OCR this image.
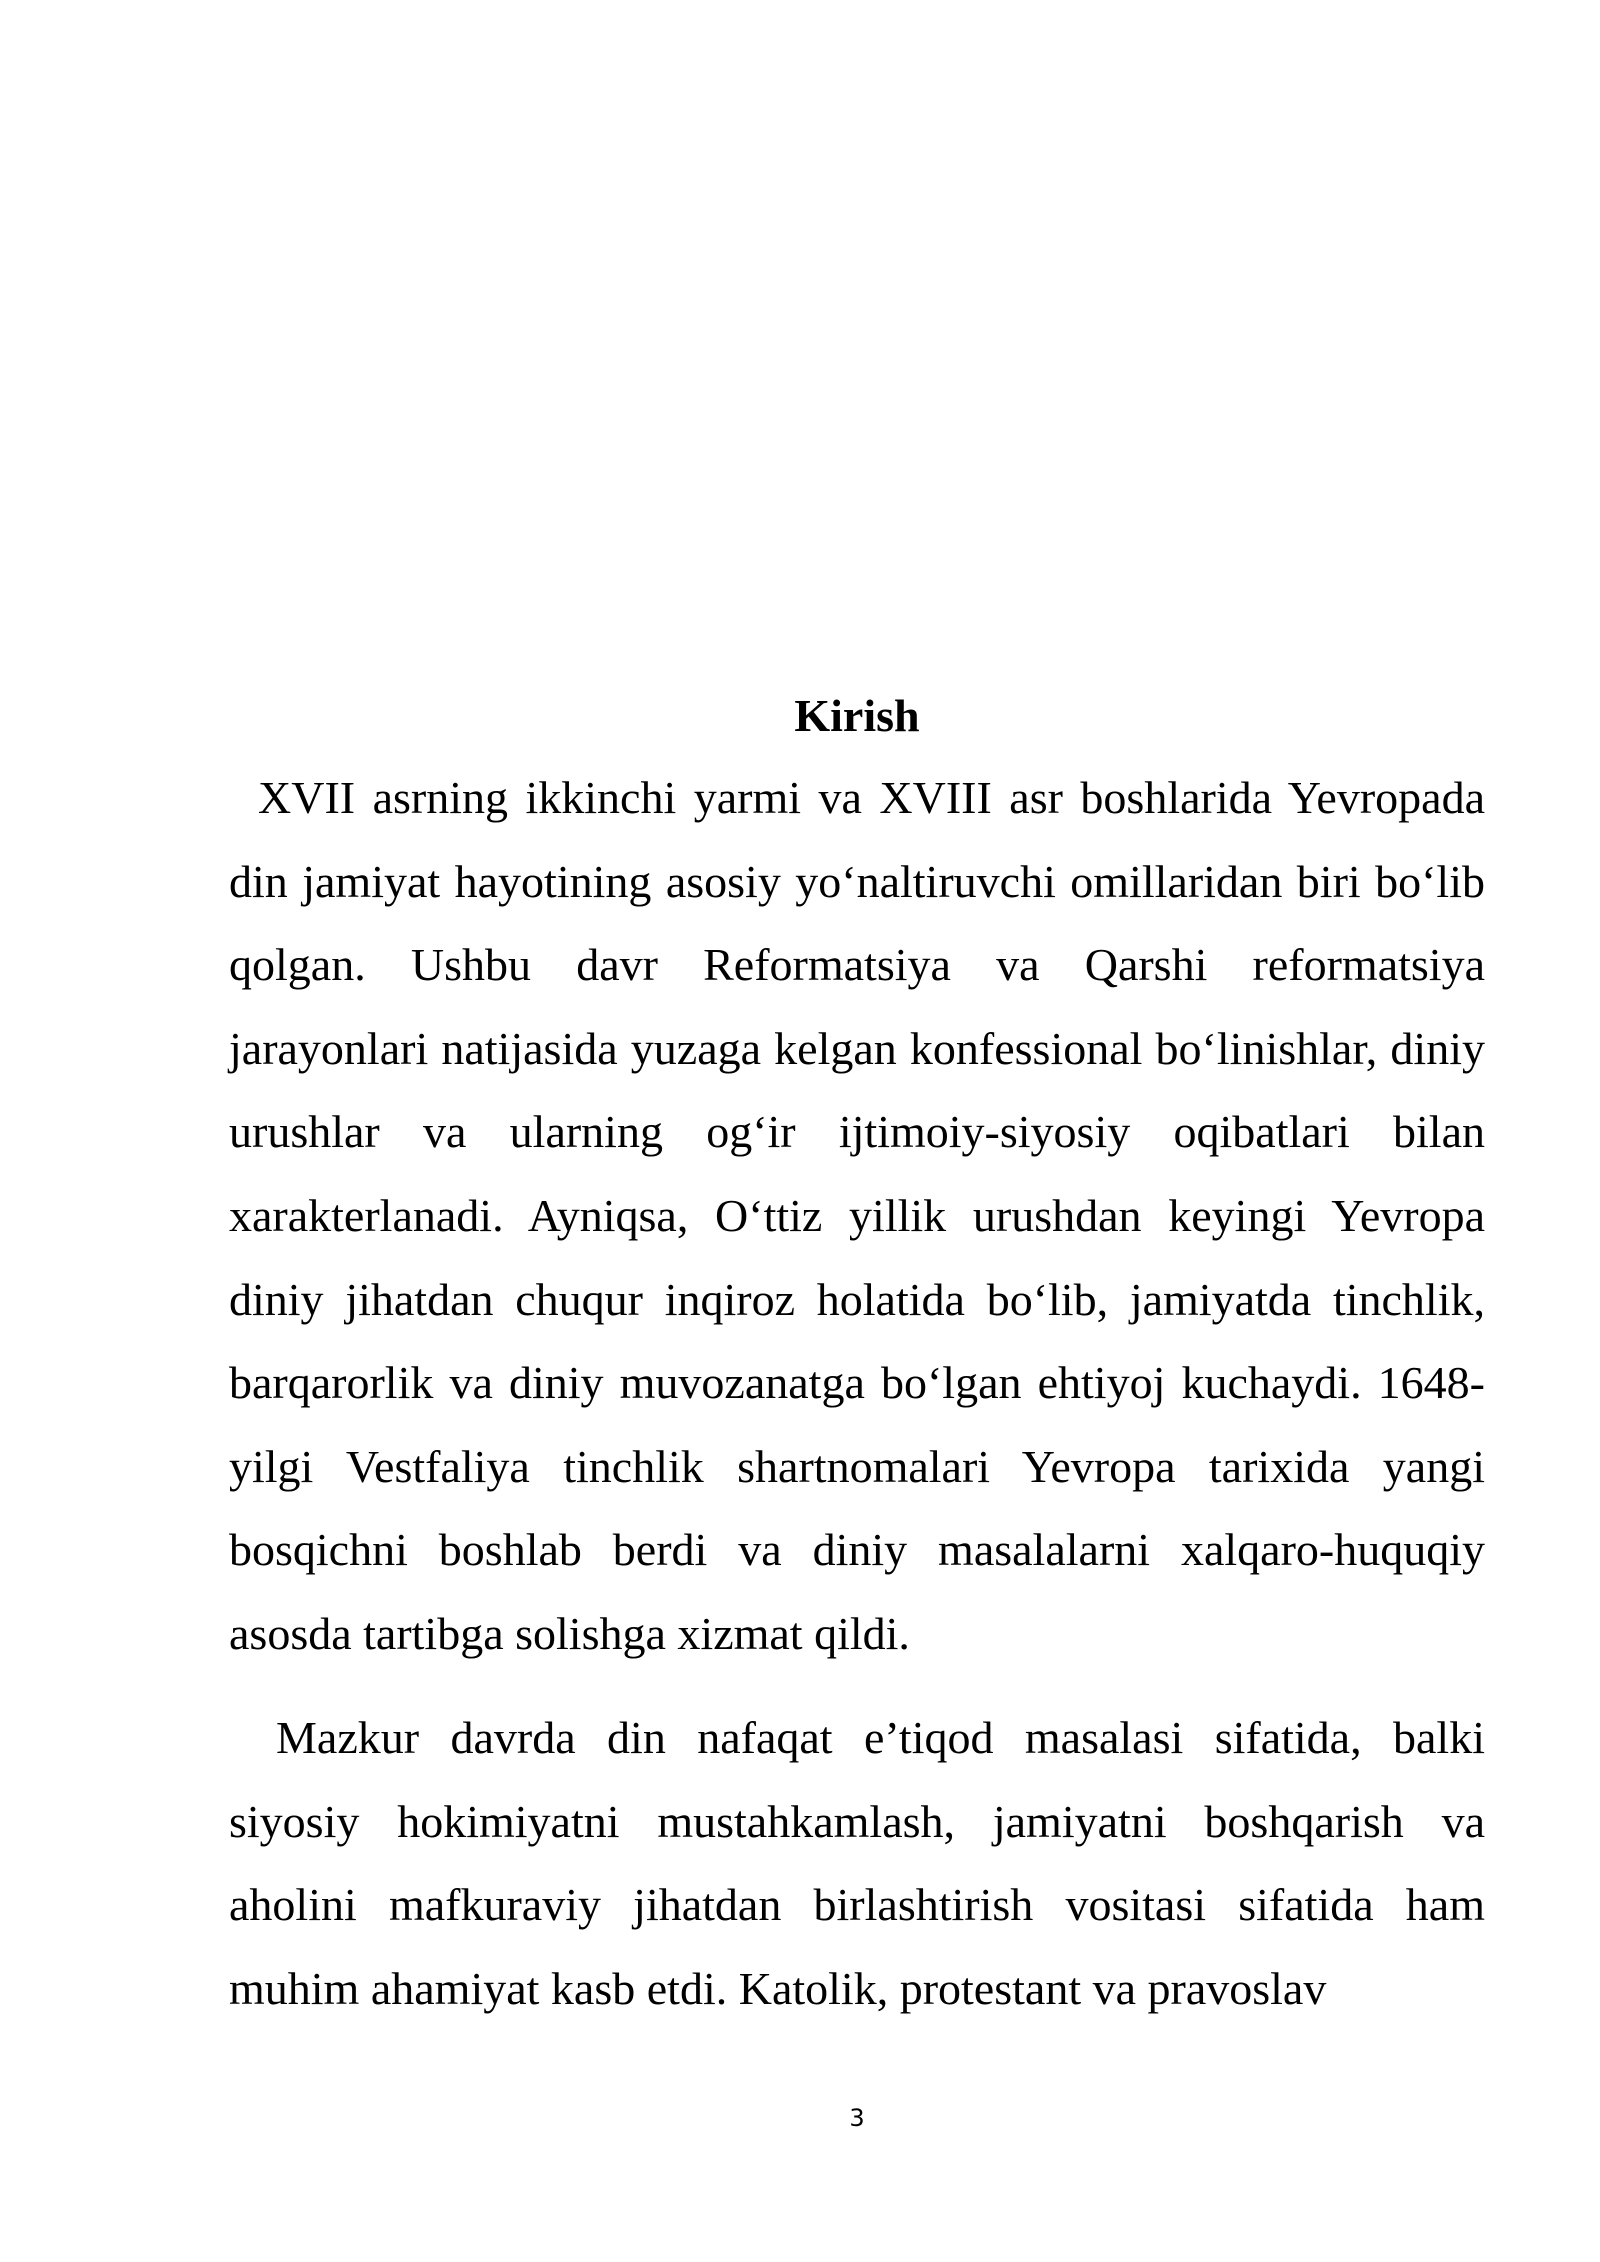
Kirish

XVII asrning ikkinchi yarmi va XVIII asr boshlarida Yevropada din jamiyat hayotining asosiy yo‘naltiruvchi omillaridan biri bo‘lib qolgan. Ushbu davr Reformatsiya va Qarshi reformatsiya jarayonlari natijasida yuzaga kelgan konfessional bo‘linishlar, diniy urushlar va ularning og‘ir ijtimoiy-siyosiy oqibatlari bilan xarakterlanadi. Ayniqsa, O‘ttiz yillik urushdan keyingi Yevropa diniy jihatdan chuqur inqiroz holatida bo‘lib, jamiyatda tinchlik, barqarorlik va diniy muvozanatga bo‘lgan ehtiyoj kuchaydi. 1648-yilgi Vestfaliya tinchlik shartnomalari Yevropa tarixida yangi bosqichni boshlab berdi va diniy masalalarni xalqaro-huquqiy asosda tartibga solishga xizmat qildi.

Mazkur davrda din nafaqat e’tiqod masalasi sifatida, balki siyosiy hokimiyatni mustahkamlash, jamiyatni boshqarish va aholini mafkuraviy jihatdan birlashtirish vositasi sifatida ham muhim ahamiyat kasb etdi. Katolik, protestant va pravoslav

3
